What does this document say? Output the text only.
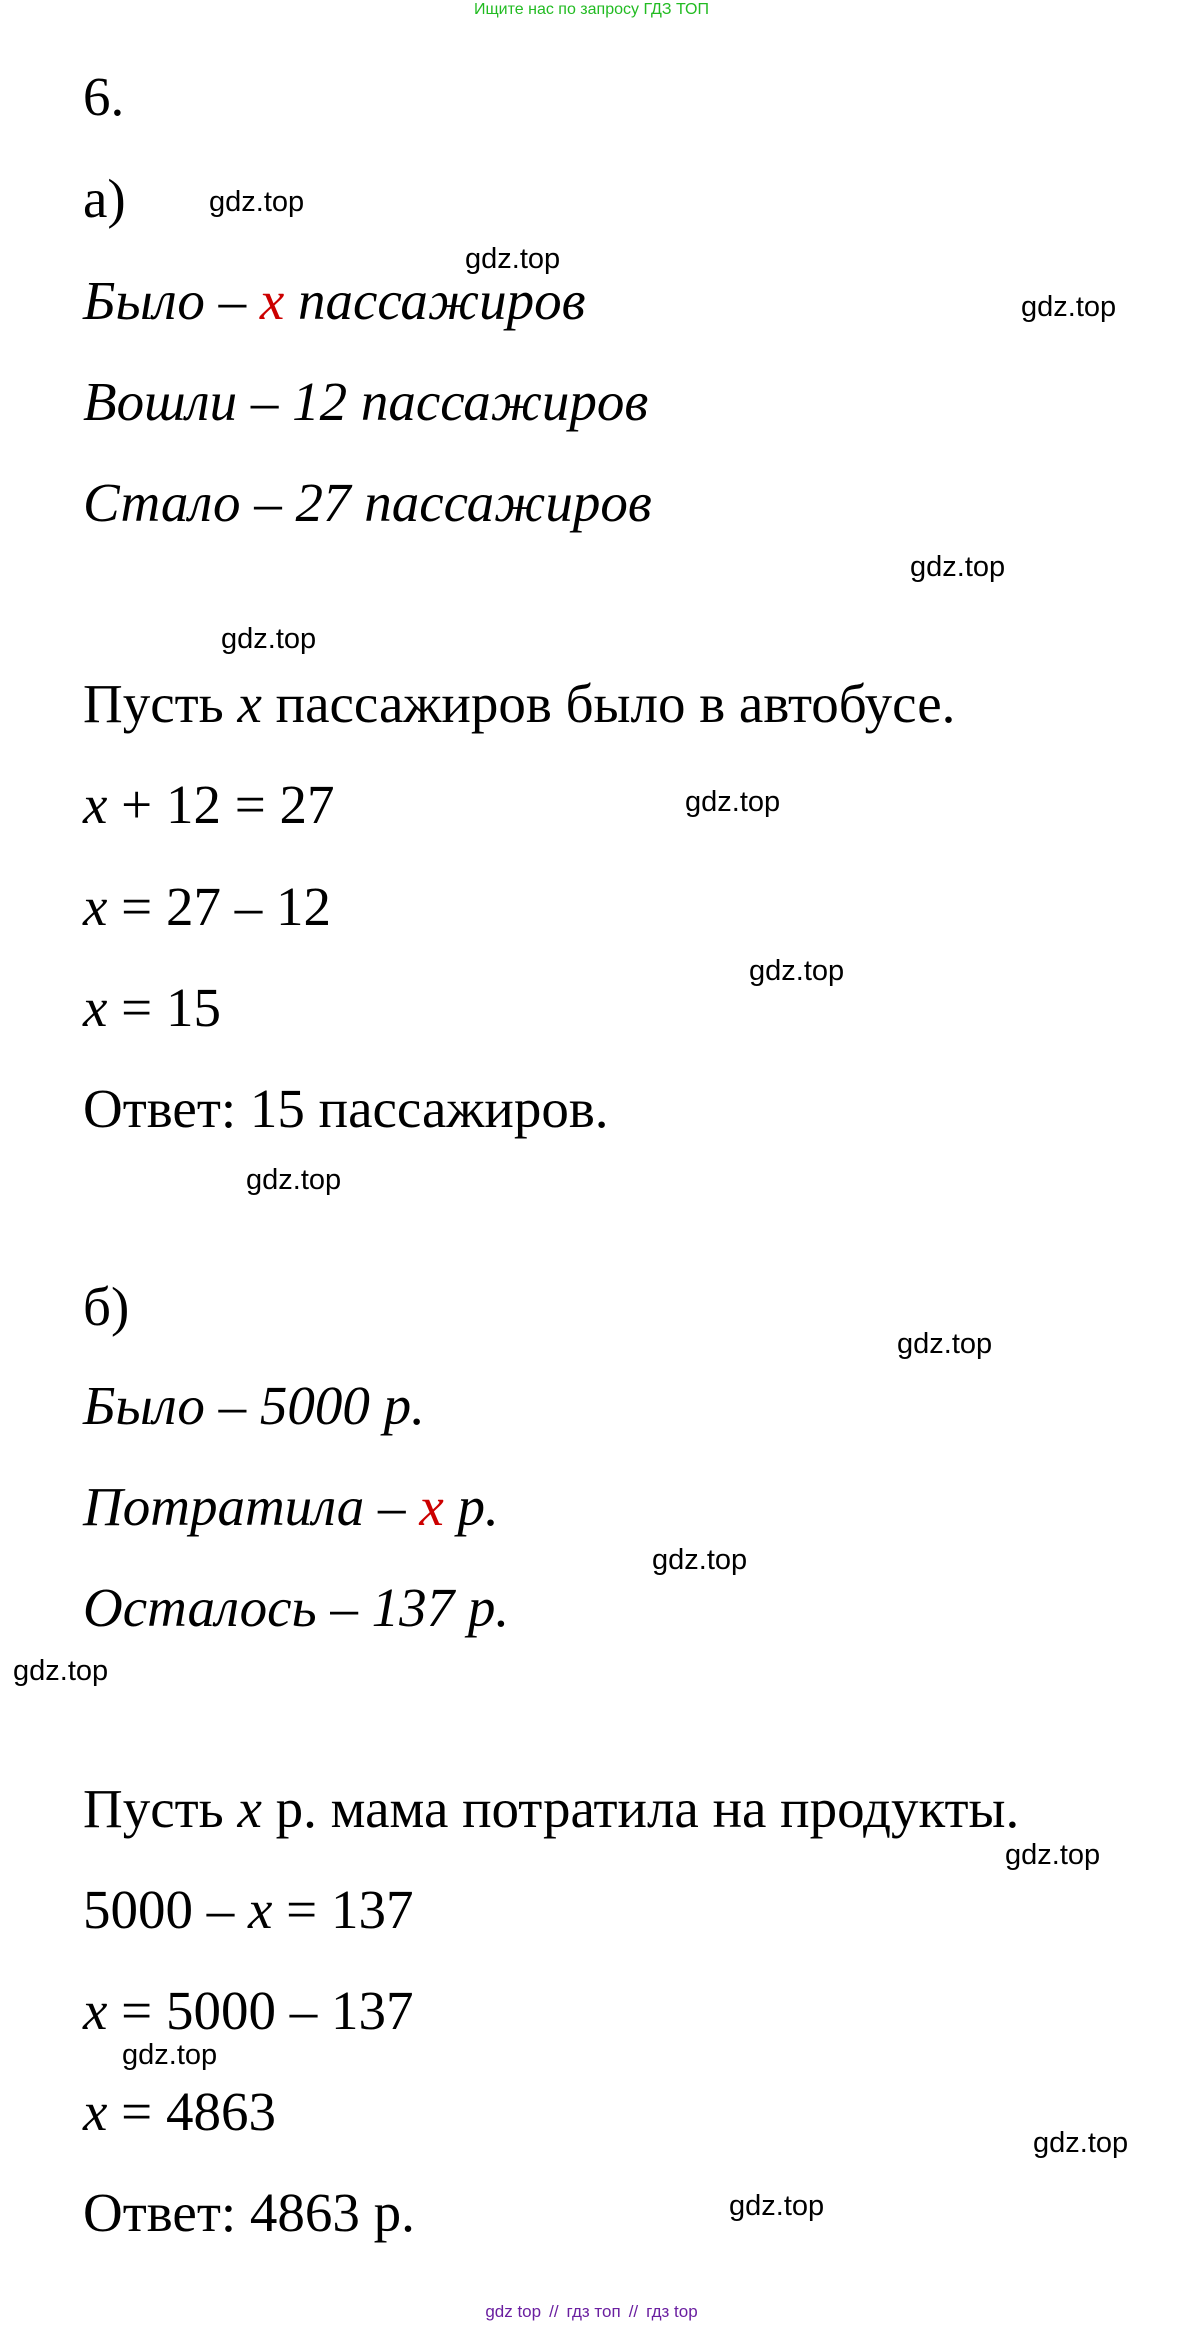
Ищите нас по запросу ГДЗ ТОП
6.
а)
Было – x пассажиров
Вошли – 12 пассажиров
Стало – 27 пассажиров
Пусть x пассажиров было в автобусе.
x + 12 = 27
x = 27 – 12
x = 15
Ответ: 15 пассажиров.
б)
Было – 5000 р.
Потратила – x р.
Осталось – 137 р.
Пусть x р. мама потратила на продукты.
5000 – x = 137
x = 5000 – 137
x = 4863
Ответ: 4863 р.
gdz.top
gdz.top
gdz.top
gdz.top
gdz.top
gdz.top
gdz.top
gdz.top
gdz.top
gdz.top
gdz.top
gdz.top
gdz.top
gdz.top
gdz.top
gdz top // гдз топ // гдз top
